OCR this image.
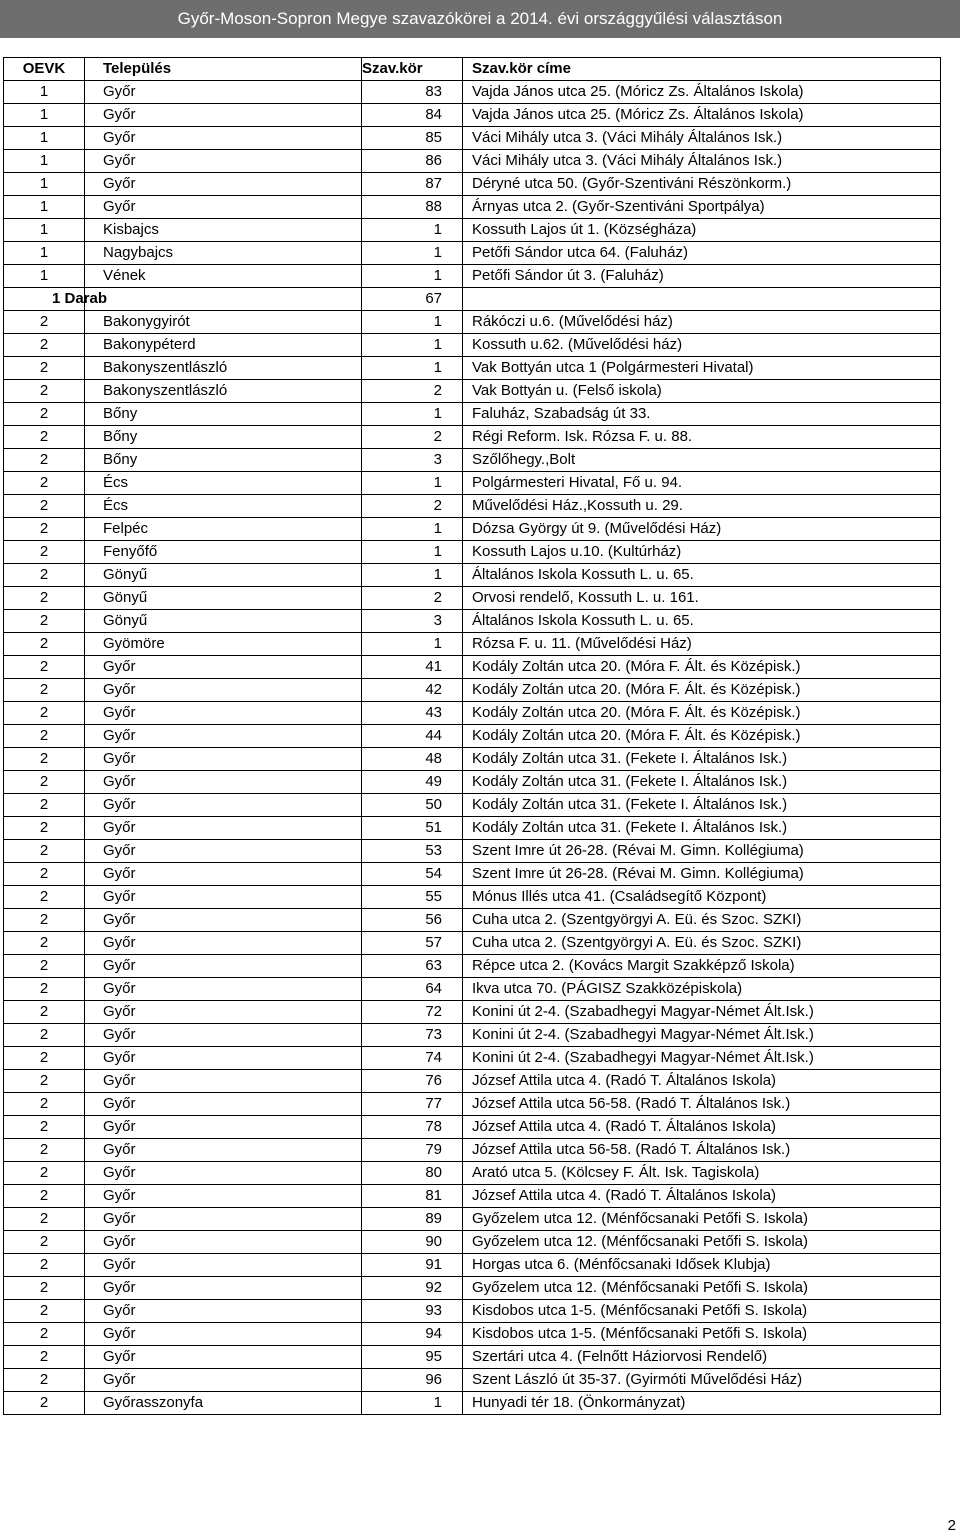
Győr-Moson-Sopron Megye szavazókörei a 2014. évi országgyűlési választáson
OEVK	Település	Szav.kör	Szav.kör címe
1	Győr	83	Vajda János utca 25. (Móricz Zs. Általános Iskola)
1	Győr	84	Vajda János utca 25. (Móricz Zs. Általános Iskola)
1	Győr	85	Váci Mihály utca 3. (Váci Mihály Általános Isk.)
1	Győr	86	Váci Mihály utca 3. (Váci Mihály Általános Isk.)
1	Győr	87	Déryné utca 50. (Győr-Szentiváni Részönkorm.)
1	Győr	88	Árnyas utca 2. (Győr-Szentiváni Sportpálya)
1	Kisbajcs	1	Kossuth Lajos út 1. (Községháza)
1	Nagybajcs	1	Petőfi Sándor utca 64. (Faluház)
1	Vének	1	Petőfi Sándor út 3. (Faluház)
1 Darab		67	
2	Bakonygyirót	1	Rákóczi u.6. (Művelődési ház)
2	Bakonypéterd	1	Kossuth u.62. (Művelődési ház)
2	Bakonyszentlászló	1	Vak Bottyán utca 1 (Polgármesteri Hivatal)
2	Bakonyszentlászló	2	Vak Bottyán u. (Felső iskola)
2	Bőny	1	Faluház, Szabadság út 33.
2	Bőny	2	Régi Reform. Isk. Rózsa F. u. 88.
2	Bőny	3	Szőlőhegy.,Bolt
2	Écs	1	Polgármesteri Hivatal, Fő u. 94.
2	Écs	2	Művelődési Ház.,Kossuth u. 29.
2	Felpéc	1	Dózsa György út 9. (Művelődési Ház)
2	Fenyőfő	1	Kossuth Lajos u.10. (Kultúrház)
2	Gönyű	1	Általános Iskola Kossuth L. u. 65.
2	Gönyű	2	Orvosi rendelő, Kossuth L. u. 161.
2	Gönyű	3	Általános Iskola Kossuth L. u. 65.
2	Gyömöre	1	Rózsa F. u. 11. (Művelődési Ház)
2	Győr	41	Kodály Zoltán utca 20. (Móra F. Ált. és Középisk.)
2	Győr	42	Kodály Zoltán utca 20. (Móra F. Ált. és Középisk.)
2	Győr	43	Kodály Zoltán utca 20. (Móra F. Ált. és Középisk.)
2	Győr	44	Kodály Zoltán utca 20. (Móra F. Ált. és Középisk.)
2	Győr	48	Kodály Zoltán utca 31. (Fekete I. Általános Isk.)
2	Győr	49	Kodály Zoltán utca 31. (Fekete I. Általános Isk.)
2	Győr	50	Kodály Zoltán utca 31. (Fekete I. Általános Isk.)
2	Győr	51	Kodály Zoltán utca 31. (Fekete I. Általános Isk.)
2	Győr	53	Szent Imre út 26-28. (Révai M. Gimn. Kollégiuma)
2	Győr	54	Szent Imre út 26-28. (Révai M. Gimn. Kollégiuma)
2	Győr	55	Mónus Illés utca 41. (Családsegítő Központ)
2	Győr	56	Cuha utca 2. (Szentgyörgyi A. Eü. és Szoc. SZKI)
2	Győr	57	Cuha utca 2. (Szentgyörgyi A. Eü. és Szoc. SZKI)
2	Győr	63	Répce utca 2. (Kovács Margit Szakképző Iskola)
2	Győr	64	Ikva utca 70. (PÁGISZ Szakközépiskola)
2	Győr	72	Konini út 2-4. (Szabadhegyi Magyar-Német Ált.Isk.)
2	Győr	73	Konini út 2-4. (Szabadhegyi Magyar-Német Ált.Isk.)
2	Győr	74	Konini út 2-4. (Szabadhegyi Magyar-Német Ált.Isk.)
2	Győr	76	József Attila utca 4. (Radó T. Általános Iskola)
2	Győr	77	József Attila utca 56-58. (Radó T. Általános Isk.)
2	Győr	78	József Attila utca 4. (Radó T. Általános Iskola)
2	Győr	79	József Attila utca 56-58. (Radó T. Általános Isk.)
2	Győr	80	Arató utca 5. (Kölcsey F. Ált. Isk. Tagiskola)
2	Győr	81	József Attila utca 4. (Radó T. Általános Iskola)
2	Győr	89	Győzelem utca 12. (Ménfőcsanaki Petőfi S. Iskola)
2	Győr	90	Győzelem utca 12. (Ménfőcsanaki Petőfi S. Iskola)
2	Győr	91	Horgas utca 6. (Ménfőcsanaki Idősek Klubja)
2	Győr	92	Győzelem utca 12. (Ménfőcsanaki Petőfi S. Iskola)
2	Győr	93	Kisdobos utca 1-5. (Ménfőcsanaki Petőfi S. Iskola)
2	Győr	94	Kisdobos utca 1-5. (Ménfőcsanaki Petőfi S. Iskola)
2	Győr	95	Szertári utca 4. (Felnőtt Háziorvosi Rendelő)
2	Győr	96	Szent László út 35-37. (Gyirmóti Művelődési Ház)
2	Győrasszonyfa	1	Hunyadi tér 18. (Önkormányzat)
2
